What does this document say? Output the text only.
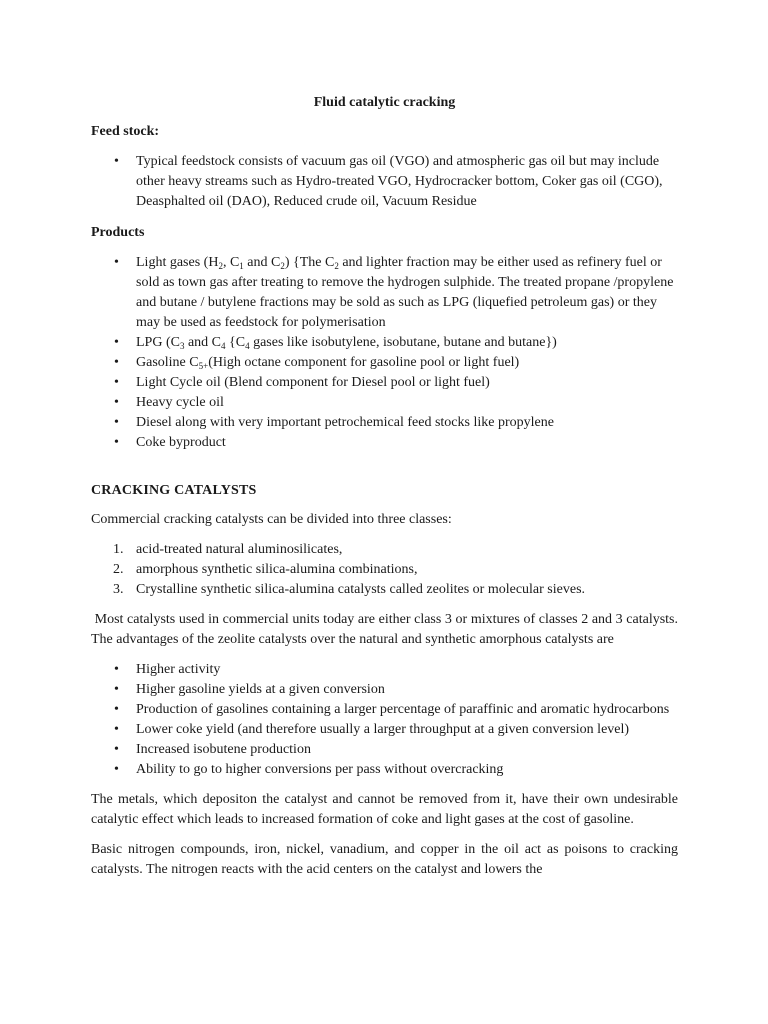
Fluid catalytic cracking
Feed stock:
• Typical feedstock consists of vacuum gas oil (VGO) and atmospheric gas oil but may include other heavy streams such as Hydro-treated VGO, Hydrocracker bottom, Coker gas oil (CGO), Deasphalted oil (DAO), Reduced crude oil, Vacuum Residue
Products
• Light gases ($H_2$, $C_1$ and $C_2$) {The $C_2$ and lighter fraction may be either used as refinery fuel or sold as town gas after treating to remove the hydrogen sulphide. The treated propane /propylene and butane / butylene fractions may be sold as such as LPG (liquefied petroleum gas) or they may be used as feedstock for polymerisation
• LPG ($C_3$ and $C_4$ {$C_4$ gases like isobutylene, isobutane, butane and butane})
• Gasoline $C_{5+}(High$ octane component for gasoline pool or light fuel)
• Light Cycle oil (Blend component for Diesel pool or light fuel)
• Heavy cycle oil
• Diesel along with very important petrochemical feed stocks like propylene
• Coke byproduct
CRACKING CATALYSTS

Commercial cracking catalysts can be divided into three classes:

1. acid-treated natural aluminosilicates,
2. amorphous synthetic silica-alumina combinations,
3. Crystalline synthetic silica-alumina catalysts called zeolites or molecular sieves.

Most catalysts used in commercial units today are either class 3 or mixtures of classes 2 and 3 catalysts. The advantages of the zeolite catalysts over the natural and synthetic amorphous catalysts are

• Higher activity
• Higher gasoline yields at a given conversion
• Production of gasolines containing a larger percentage of paraffinic and aromatic hydrocarbons
• Lower coke yield (and therefore usually a larger throughput at a given conversion level)
• Increased isobutene production
• Ability to go to higher conversions per pass without overcracking

The metals, which depositon the catalyst and cannot be removed from it, have their own undesirable catalytic effect which leads to increased formation of coke and light gases at the cost of gasoline.

Basic nitrogen compounds, iron, nickel, vanadium, and copper in the oil act as poisons to cracking catalysts. The nitrogen reacts with the acid centers on the catalyst and lowers the
